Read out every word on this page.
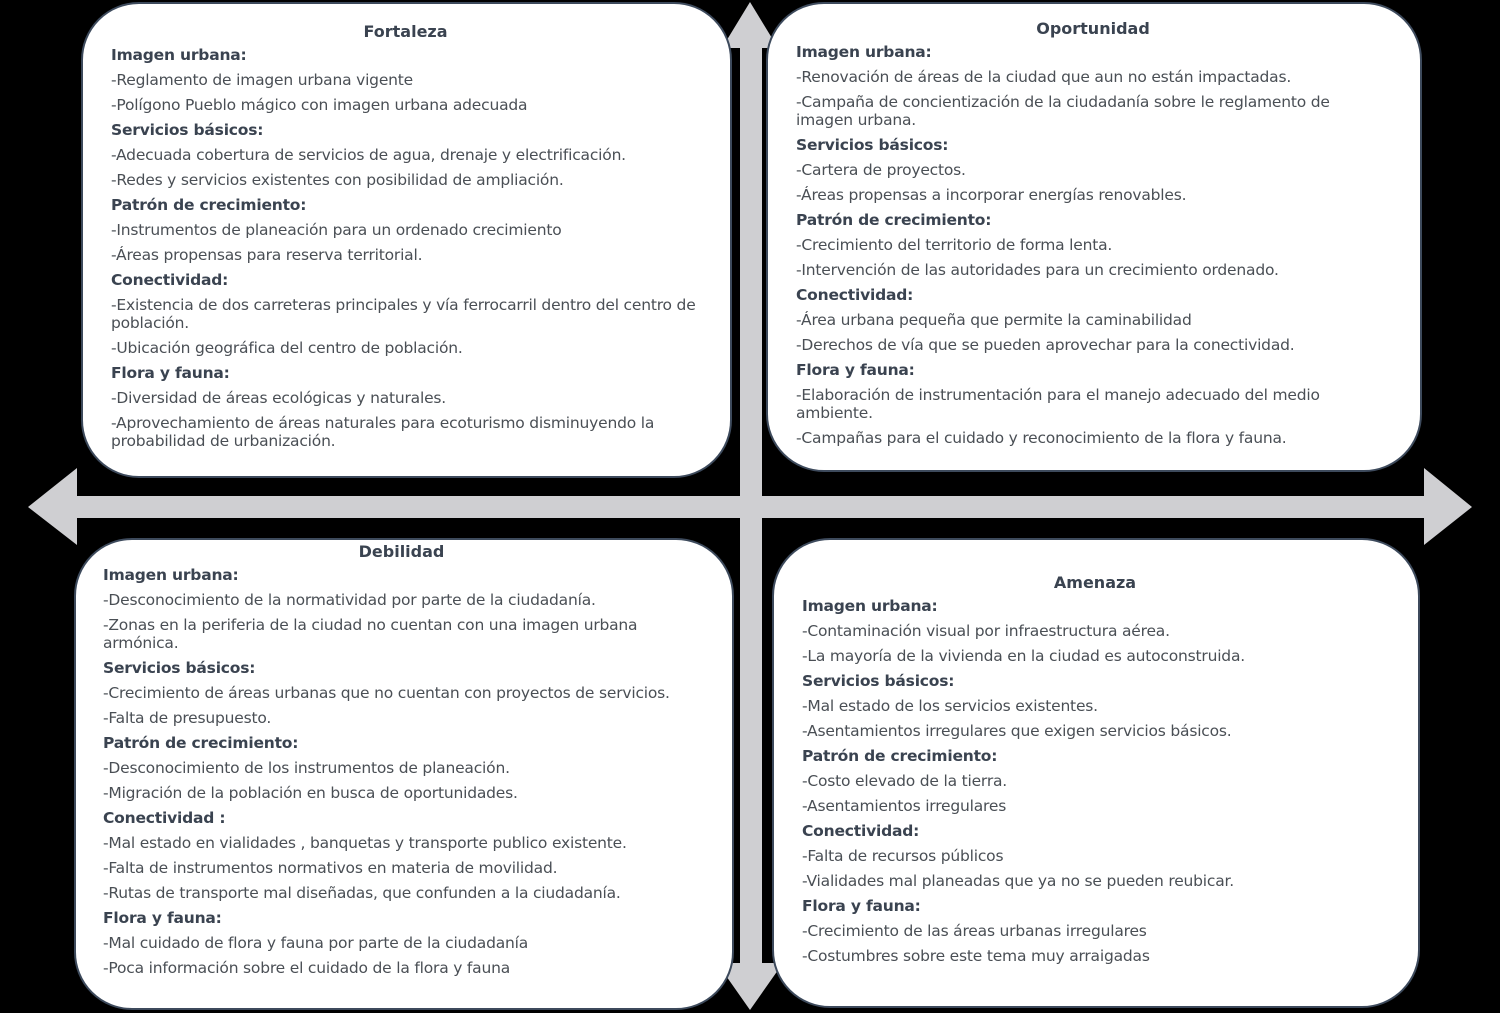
Fortaleza
Imagen urbana:
-Reglamento de imagen urbana vigente
-Polígono Pueblo mágico con imagen urbana adecuada
Servicios básicos:
-Adecuada cobertura de servicios de agua, drenaje y electrificación.
-Redes y servicios existentes con posibilidad de ampliación.
Patrón de crecimiento:
-Instrumentos de planeación para un ordenado crecimiento
-Áreas propensas para reserva territorial.
Conectividad:
-Existencia de dos carreteras principales y vía ferrocarril dentro del centro de población.
-Ubicación geográfica del centro de población.
Flora y fauna:
-Diversidad de áreas ecológicas y naturales.
-Aprovechamiento de áreas naturales para ecoturismo disminuyendo la probabilidad de urbanización.
Oportunidad
Imagen urbana:
-Renovación de áreas de la ciudad que aun no están impactadas.
-Campaña de concientización de la ciudadanía sobre le reglamento de imagen urbana.
Servicios básicos:
-Cartera de proyectos.
-Áreas propensas a incorporar energías renovables.
Patrón de crecimiento:
-Crecimiento del territorio de forma lenta.
-Intervención de las autoridades para un crecimiento ordenado.
Conectividad:
-Área urbana pequeña que permite la caminabilidad
-Derechos de vía que se pueden aprovechar para la conectividad.
Flora y fauna:
-Elaboración de instrumentación para el manejo adecuado del medio ambiente.
-Campañas para el cuidado y reconocimiento de la flora y fauna.
Debilidad
Imagen urbana:
-Desconocimiento de la normatividad por parte de la ciudadanía.
-Zonas en la periferia de la ciudad no cuentan con una imagen urbana armónica.
Servicios básicos:
-Crecimiento de áreas urbanas que no cuentan con proyectos de servicios.
-Falta de presupuesto.
Patrón de crecimiento:
-Desconocimiento de los instrumentos de planeación.
-Migración de la población en busca de oportunidades.
Conectividad :
-Mal estado en vialidades , banquetas y transporte publico existente.
-Falta de instrumentos normativos en materia de movilidad.
-Rutas de transporte mal diseñadas, que confunden a la ciudadanía.
Flora y fauna:
-Mal cuidado de flora y fauna por parte de la ciudadanía
-Poca información sobre el cuidado de la flora y fauna
Amenaza
Imagen urbana:
-Contaminación visual por infraestructura aérea.
-La mayoría de la vivienda en la ciudad es autoconstruida.
Servicios básicos:
-Mal estado de los servicios existentes.
-Asentamientos irregulares que exigen servicios básicos.
Patrón de crecimiento:
-Costo elevado de la tierra.
-Asentamientos irregulares
Conectividad:
-Falta de recursos públicos
-Vialidades mal planeadas que ya no se pueden reubicar.
Flora y fauna:
-Crecimiento de las áreas urbanas irregulares
-Costumbres sobre este tema muy arraigadas
